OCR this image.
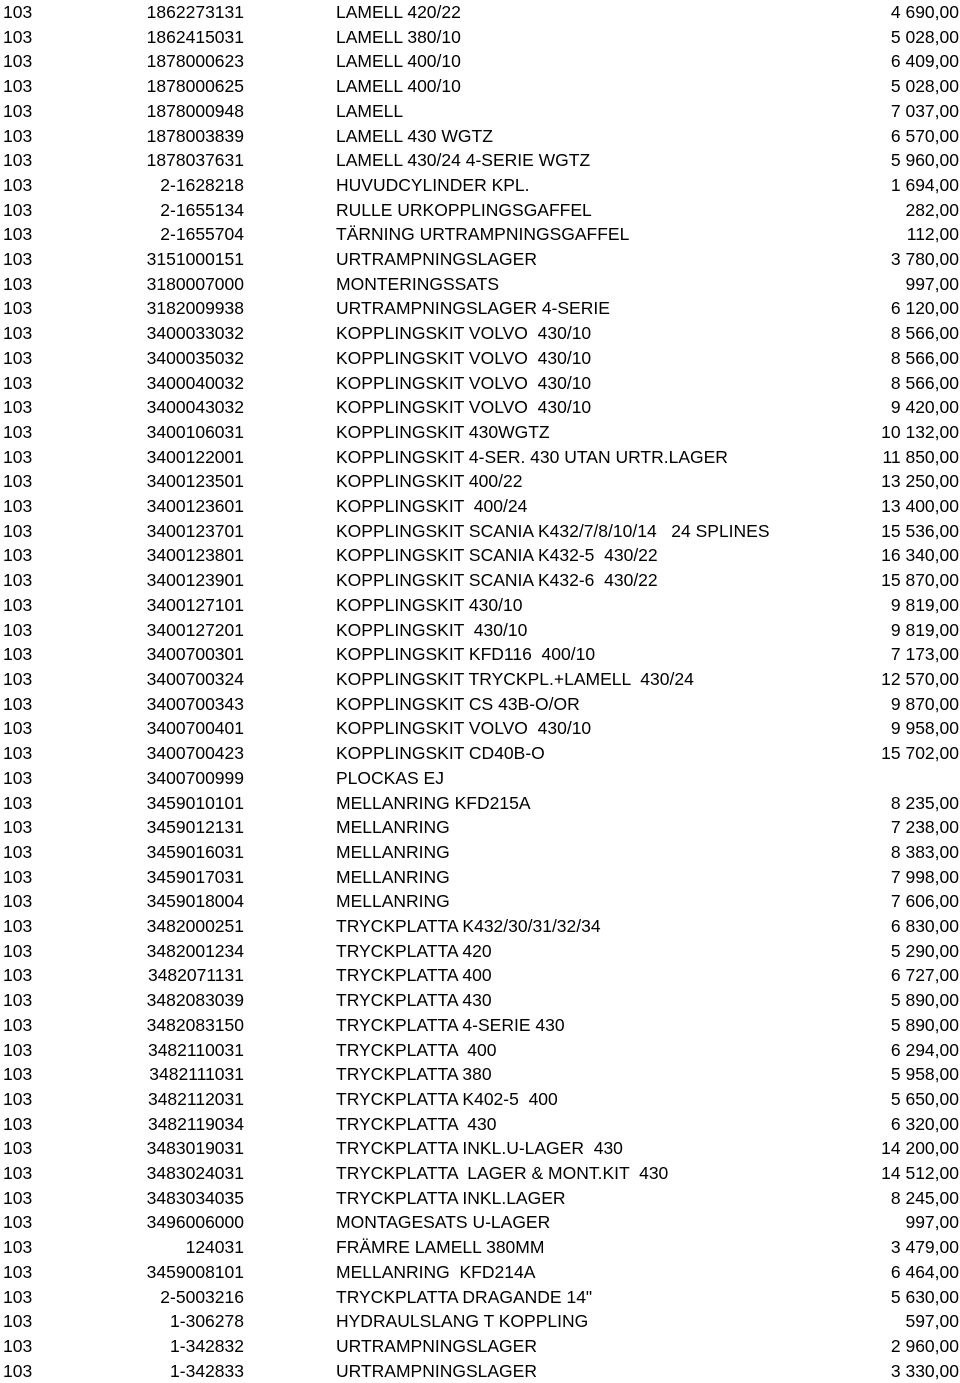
103	1862273131	LAMELL 420/22	4 690,00
103	1862415031	LAMELL 380/10	5 028,00
103	1878000623	LAMELL 400/10	6 409,00
103	1878000625	LAMELL 400/10	5 028,00
103	1878000948	LAMELL	7 037,00
103	1878003839	LAMELL 430 WGTZ	6 570,00
103	1878037631	LAMELL 430/24 4-SERIE WGTZ	5 960,00
103	2-1628218	HUVUDCYLINDER KPL.	1 694,00
103	2-1655134	RULLE URKOPPLINGSGAFFEL	282,00
103	2-1655704	TÄRNING URTRAMPNINGSGAFFEL	112,00
103	3151000151	URTRAMPNINGSLAGER	3 780,00
103	3180007000	MONTERINGSSATS	997,00
103	3182009938	URTRAMPNINGSLAGER 4-SERIE	6 120,00
103	3400033032	KOPPLINGSKIT VOLVO  430/10	8 566,00
103	3400035032	KOPPLINGSKIT VOLVO  430/10	8 566,00
103	3400040032	KOPPLINGSKIT VOLVO  430/10	8 566,00
103	3400043032	KOPPLINGSKIT VOLVO  430/10	9 420,00
103	3400106031	KOPPLINGSKIT 430WGTZ	10 132,00
103	3400122001	KOPPLINGSKIT 4-SER. 430 UTAN URTR.LAGER	11 850,00
103	3400123501	KOPPLINGSKIT 400/22	13 250,00
103	3400123601	KOPPLINGSKIT  400/24	13 400,00
103	3400123701	KOPPLINGSKIT SCANIA K432/7/8/10/14   24 SPLINES	15 536,00
103	3400123801	KOPPLINGSKIT SCANIA K432-5  430/22	16 340,00
103	3400123901	KOPPLINGSKIT SCANIA K432-6  430/22	15 870,00
103	3400127101	KOPPLINGSKIT 430/10	9 819,00
103	3400127201	KOPPLINGSKIT  430/10	9 819,00
103	3400700301	KOPPLINGSKIT KFD116  400/10	7 173,00
103	3400700324	KOPPLINGSKIT TRYCKPL.+LAMELL  430/24	12 570,00
103	3400700343	KOPPLINGSKIT CS 43B-O/OR	9 870,00
103	3400700401	KOPPLINGSKIT VOLVO  430/10	9 958,00
103	3400700423	KOPPLINGSKIT CD40B-O	15 702,00
103	3400700999	PLOCKAS EJ	
103	3459010101	MELLANRING KFD215A	8 235,00
103	3459012131	MELLANRING	7 238,00
103	3459016031	MELLANRING	8 383,00
103	3459017031	MELLANRING	7 998,00
103	3459018004	MELLANRING	7 606,00
103	3482000251	TRYCKPLATTA K432/30/31/32/34	6 830,00
103	3482001234	TRYCKPLATTA 420	5 290,00
103	3482071131	TRYCKPLATTA 400	6 727,00
103	3482083039	TRYCKPLATTA 430	5 890,00
103	3482083150	TRYCKPLATTA 4-SERIE 430	5 890,00
103	3482110031	TRYCKPLATTA  400	6 294,00
103	3482111031	TRYCKPLATTA 380	5 958,00
103	3482112031	TRYCKPLATTA K402-5  400	5 650,00
103	3482119034	TRYCKPLATTA  430	6 320,00
103	3483019031	TRYCKPLATTA INKL.U-LAGER  430	14 200,00
103	3483024031	TRYCKPLATTA  LAGER & MONT.KIT  430	14 512,00
103	3483034035	TRYCKPLATTA INKL.LAGER	8 245,00
103	3496006000	MONTAGESATS U-LAGER	997,00
103	124031	FRÄMRE LAMELL 380MM	3 479,00
103	3459008101	MELLANRING  KFD214A	6 464,00
103	2-5003216	TRYCKPLATTA DRAGANDE 14"	5 630,00
103	1-306278	HYDRAULSLANG T KOPPLING	597,00
103	1-342832	URTRAMPNINGSLAGER	2 960,00
103	1-342833	URTRAMPNINGSLAGER	3 330,00
